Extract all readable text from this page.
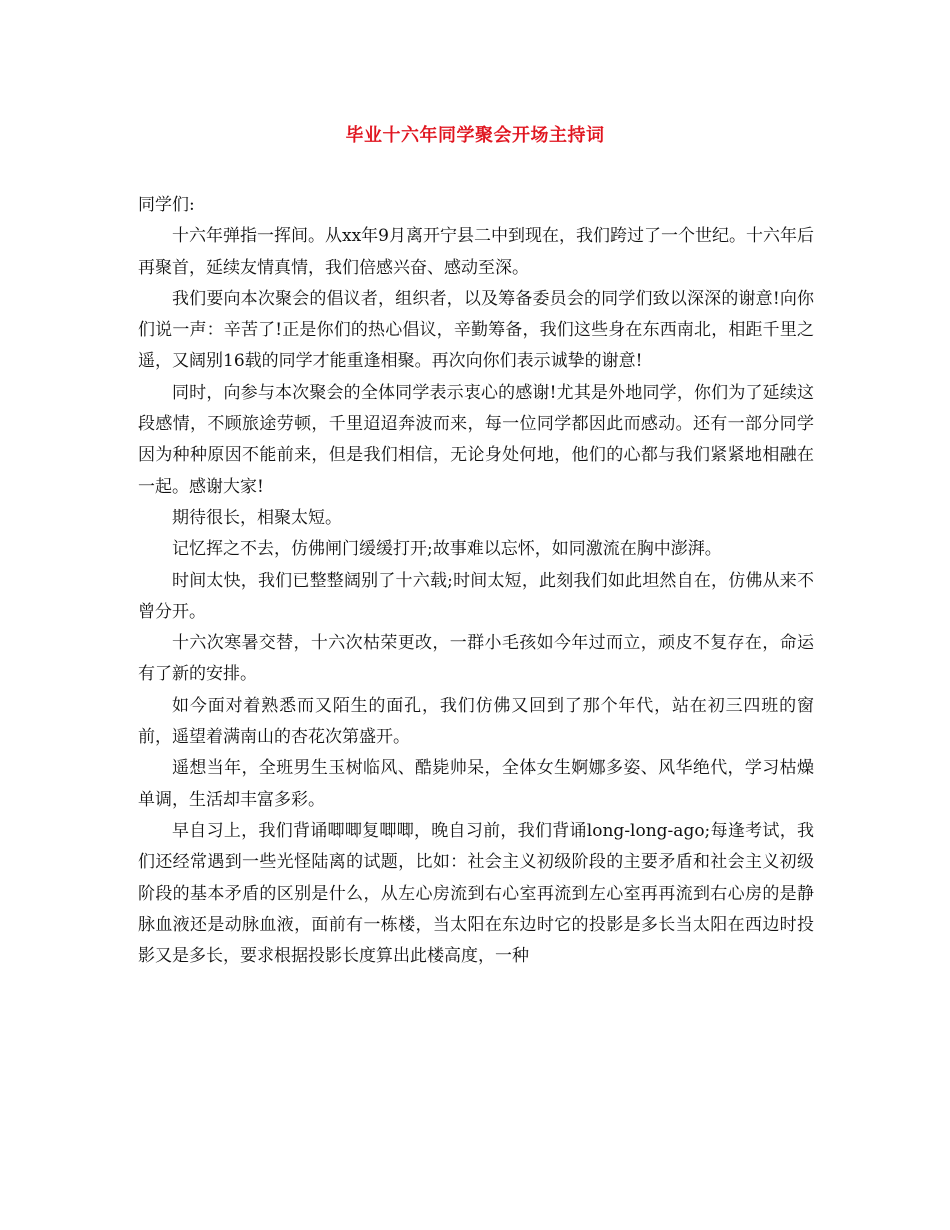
毕业十六年同学聚会开场主持词

同学们:

十六年弹指一挥间。从xx年9月离开宁县二中到现在，我们跨过了一个世纪。十六年后再聚首，延续友情真情，我们倍感兴奋、感动至深。

我们要向本次聚会的倡议者，组织者，以及筹备委员会的同学们致以深深的谢意!向你们说一声：辛苦了!正是你们的热心倡议，辛勤筹备，我们这些身在东西南北，相距千里之遥，又阔别16载的同学才能重逢相聚。再次向你们表示诚挚的谢意!

同时，向参与本次聚会的全体同学表示衷心的感谢!尤其是外地同学，你们为了延续这段感情，不顾旅途劳顿，千里迢迢奔波而来，每一位同学都因此而感动。还有一部分同学因为种种原因不能前来，但是我们相信，无论身处何地，他们的心都与我们紧紧地相融在一起。感谢大家!

期待很长，相聚太短。

记忆挥之不去，仿佛闸门缓缓打开;故事难以忘怀，如同激流在胸中澎湃。

时间太快，我们已整整阔别了十六载;时间太短，此刻我们如此坦然自在，仿佛从来不曾分开。

十六次寒暑交替，十六次枯荣更改，一群小毛孩如今年过而立，顽皮不复存在，命运有了新的安排。

如今面对着熟悉而又陌生的面孔，我们仿佛又回到了那个年代，站在初三四班的窗前，遥望着满南山的杏花次第盛开。

遥想当年，全班男生玉树临风、酷毙帅呆，全体女生婀娜多姿、风华绝代，学习枯燥单调，生活却丰富多彩。

早自习上，我们背诵唧唧复唧唧，晚自习前，我们背诵long-long-ago;每逢考试，我们还经常遇到一些光怪陆离的试题，比如：社会主义初级阶段的主要矛盾和社会主义初级阶段的基本矛盾的区别是什么，从左心房流到右心室再流到左心室再再流到右心房的是静脉血液还是动脉血液，面前有一栋楼，当太阳在东边时它的投影是多长当太阳在西边时投影又是多长，要求根据投影长度算出此楼高度，一种
